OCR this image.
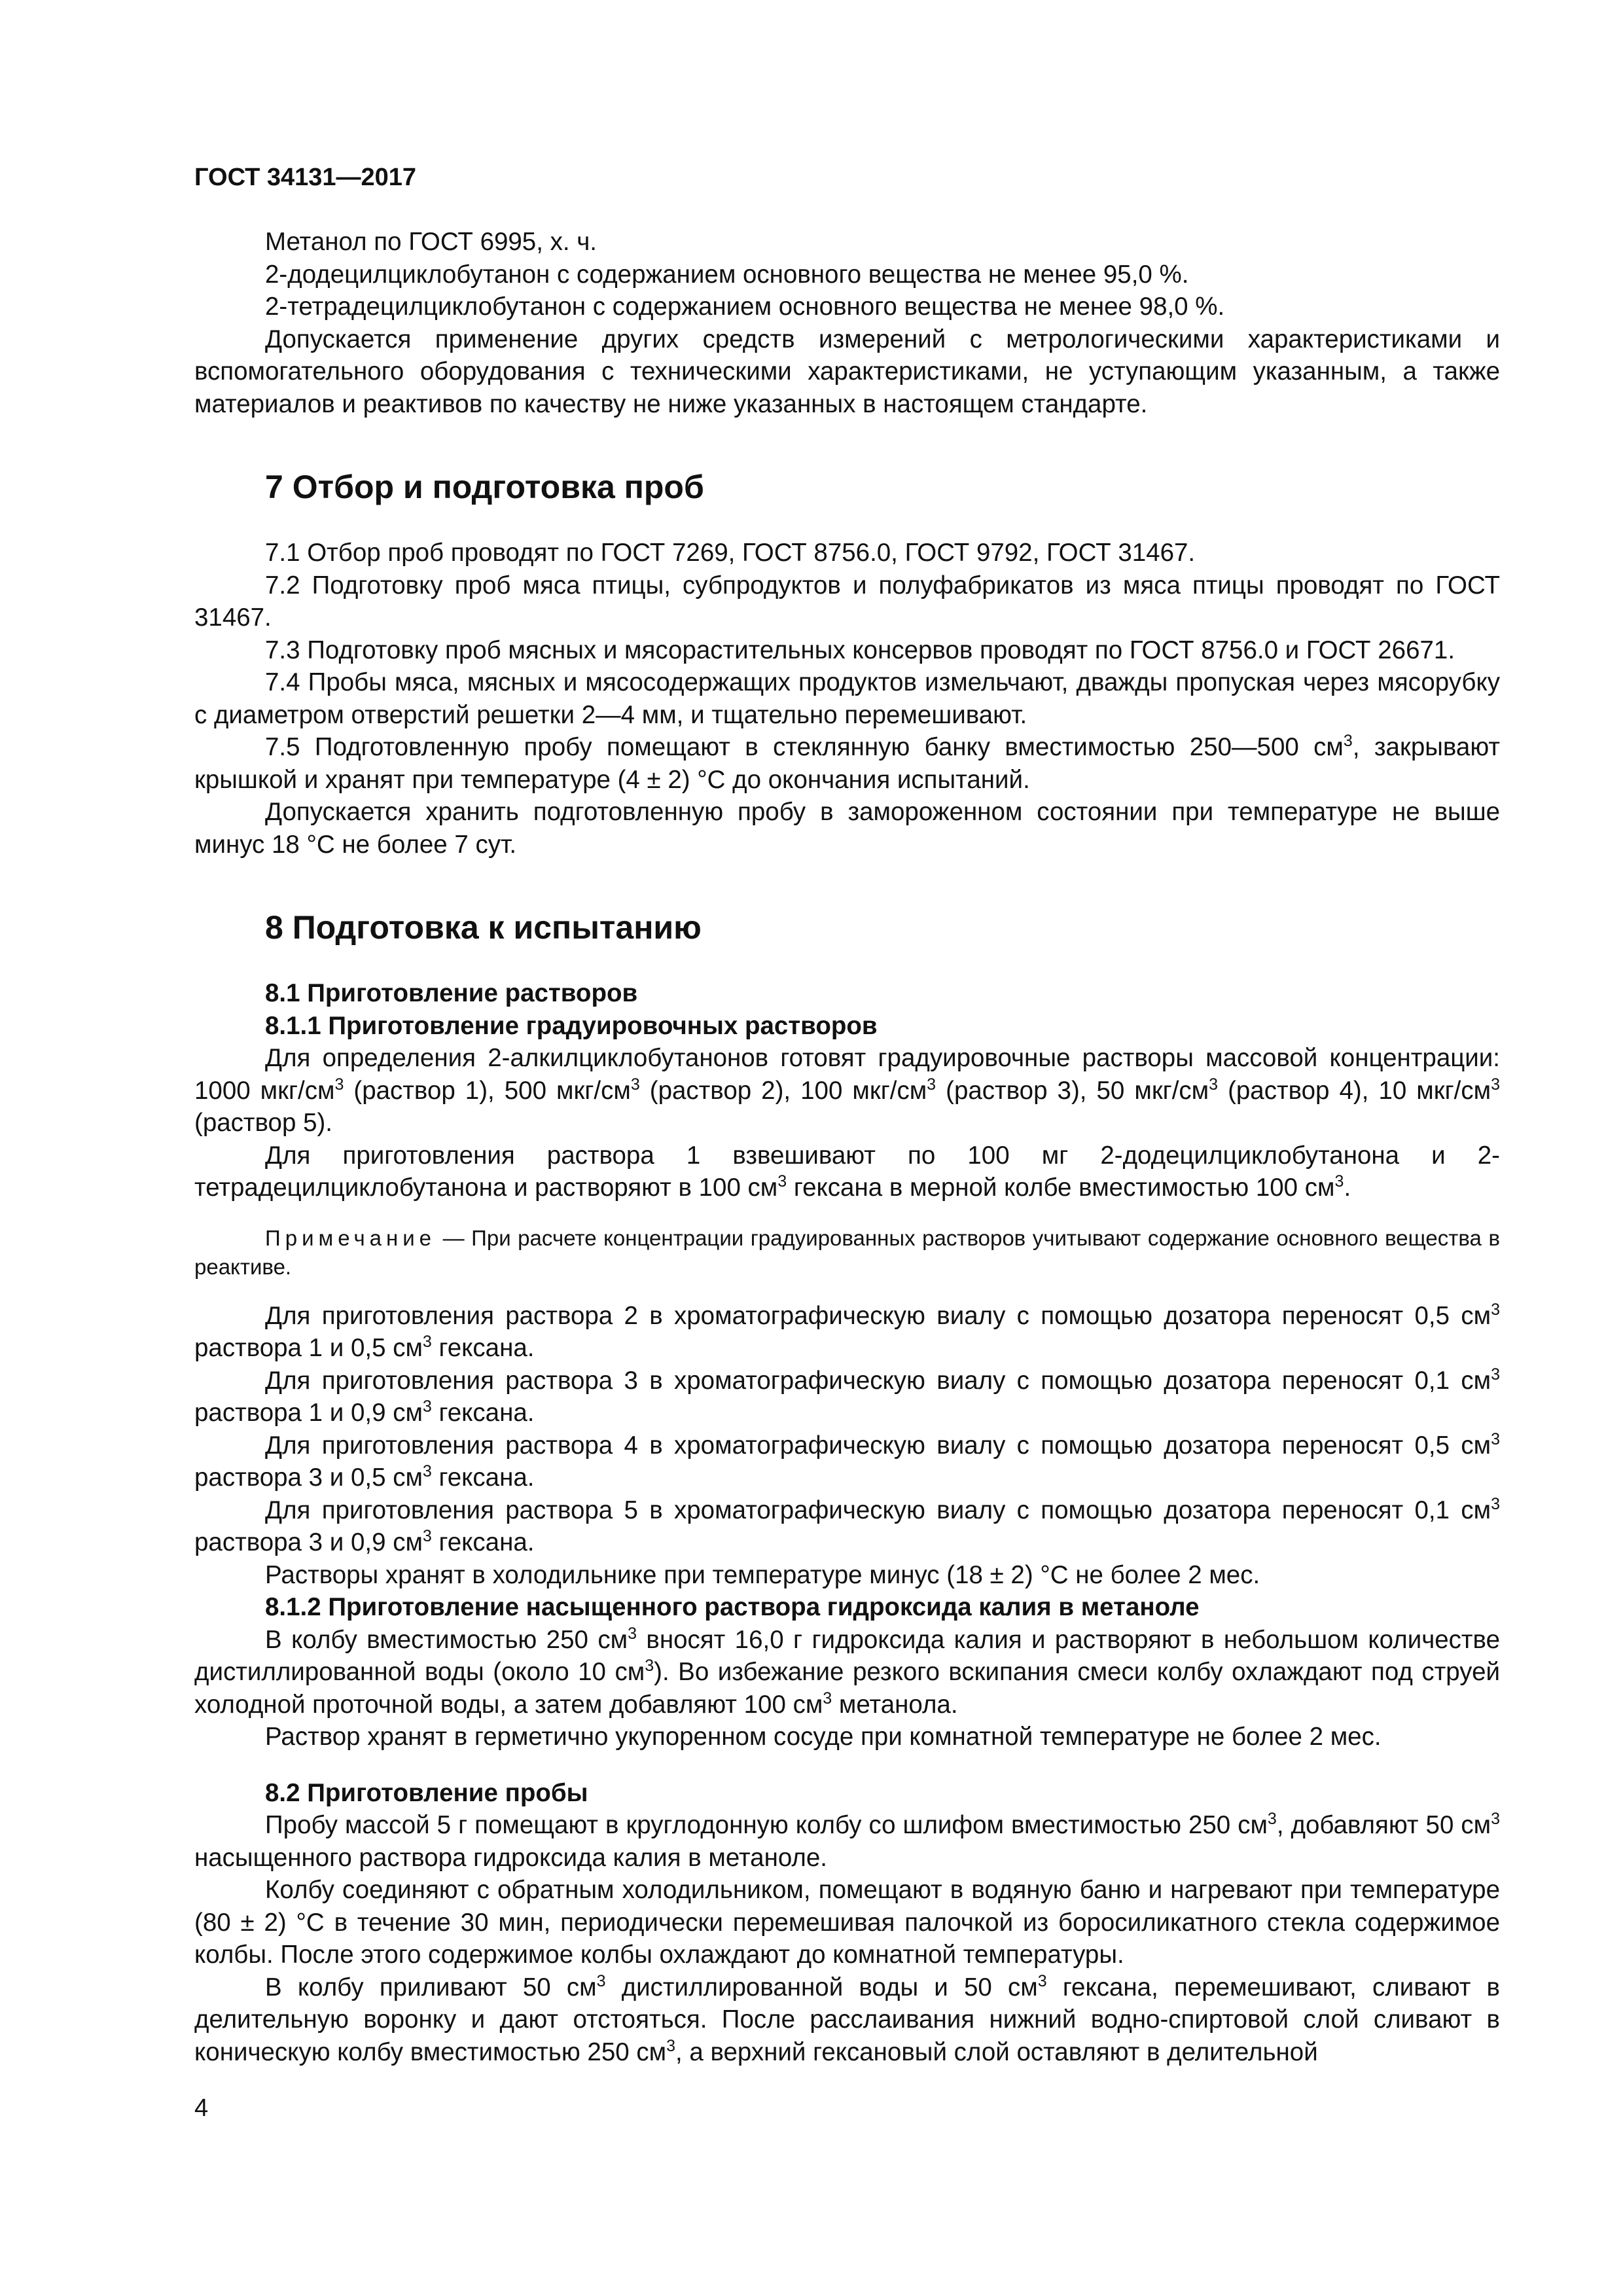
ГОСТ 34131—2017

Метанол по ГОСТ 6995, х. ч.

2-додецилциклобутанон с содержанием основного вещества не менее 95,0 %.

2-тетрадецилциклобутанон с содержанием основного вещества не менее 98,0 %.

Допускается применение других средств измерений с метрологическими характеристиками и вспомогательного оборудования с техническими характеристиками, не уступающим указанным, а также материалов и реактивов по качеству не ниже указанных в настоящем стандарте.

7 Отбор и подготовка проб

7.1 Отбор проб проводят по ГОСТ 7269, ГОСТ 8756.0, ГОСТ 9792, ГОСТ 31467.

7.2 Подготовку проб мяса птицы, субпродуктов и полуфабрикатов из мяса птицы проводят по ГОСТ 31467.

7.3 Подготовку проб мясных и мясорастительных консервов проводят по ГОСТ 8756.0 и ГОСТ 26671.

7.4 Пробы мяса, мясных и мясосодержащих продуктов измельчают, дважды пропуская через мясорубку с диаметром отверстий решетки 2—4 мм, и тщательно перемешивают.

7.5 Подготовленную пробу помещают в стеклянную банку вместимостью 250—500 $см^3$, закрывают крышкой и хранят при температуре (4 ± 2) °С до окончания испытаний.

Допускается хранить подготовленную пробу в замороженном состоянии при температуре не выше минус 18 °С не более 7 сут.

8 Подготовка к испытанию
8.1 Приготовление растворов
8.1.1 Приготовление градуировочных растворов

Для определения 2-алкилциклобутанонов готовят градуировочные растворы массовой концентрации: 1000 мкг/$см^3$ (раствор 1), 500 мкг/$см^3$ (раствор 2), 100 мкг/$см^3$ (раствор 3), 50 мкг/$см^3$ (раствор 4), 10 мкг/$см^3$ (раствор 5).

Для приготовления раствора 1 взвешивают по 100 мг 2-додецилциклобутанона и 2-тетрадецилциклобутанона и растворяют в 100 $см^3$ гексана в мерной колбе вместимостью 100 $см^3$.

Примечание — При расчете концентрации градуированных растворов учитывают содержание основного вещества в реактиве.

Для приготовления раствора 2 в хроматографическую виалу с помощью дозатора переносят 0,5 $см^3$ раствора 1 и 0,5 $см^3$ гексана.

Для приготовления раствора 3 в хроматографическую виалу с помощью дозатора переносят 0,1 $см^3$ раствора 1 и 0,9 $см^3$ гексана.

Для приготовления раствора 4 в хроматографическую виалу с помощью дозатора переносят 0,5 $см^3$ раствора 3 и 0,5 $см^3$ гексана.

Для приготовления раствора 5 в хроматографическую виалу с помощью дозатора переносят 0,1 $см^3$ раствора 3 и 0,9 $см^3$ гексана.

Растворы хранят в холодильнике при температуре минус (18 ± 2) °С не более 2 мес.

8.1.2 Приготовление насыщенного раствора гидроксида калия в метаноле

В колбу вместимостью 250 $см^3$ вносят 16,0 г гидроксида калия и растворяют в небольшом количестве дистиллированной воды (около 10 $см^3$). Во избежание резкого вскипания смеси колбу охлаждают под струей холодной проточной воды, а затем добавляют 100 $см^3$ метанола.

Раствор хранят в герметично укупоренном сосуде при комнатной температуре не более 2 мес.

8.2 Приготовление пробы

Пробу массой 5 г помещают в круглодонную колбу со шлифом вместимостью 250 $см^3$, добавляют 50 $см^3$ насыщенного раствора гидроксида калия в метаноле.

Колбу соединяют с обратным холодильником, помещают в водяную баню и нагревают при температуре (80 ± 2) °С в течение 30 мин, периодически перемешивая палочкой из боросиликатного стекла содержимое колбы. После этого содержимое колбы охлаждают до комнатной температуры.

В колбу приливают 50 $см^3$ дистиллированной воды и 50 $см^3$ гексана, перемешивают, сливают в делительную воронку и дают отстояться. После расслаивания нижний водно-спиртовой слой сливают в коническую колбу вместимостью 250 $см^3$, а верхний гексановый слой оставляют в делительной

4
